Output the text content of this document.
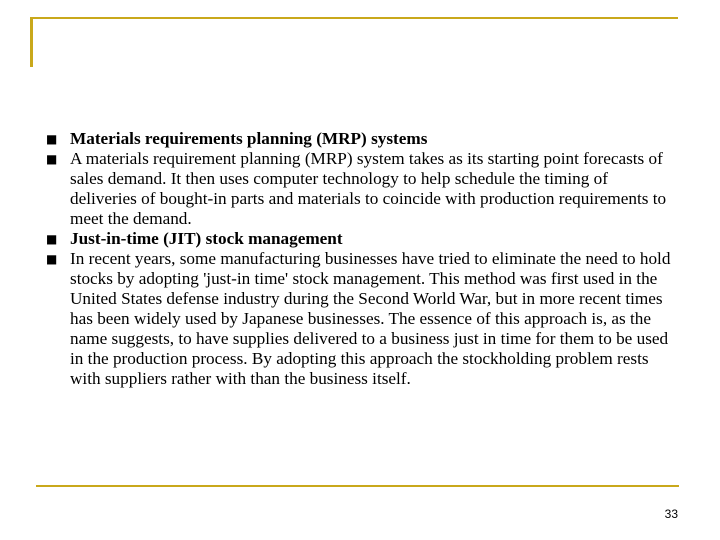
■ Materials requirements planning (MRP) systems
■ A materials requirement planning (MRP) system takes as its starting point forecasts of sales demand. It then uses computer technology to help schedule the timing of deliveries of bought-in parts and materials to coincide with production requirements to meet the demand.
■ Just-in-time (JIT) stock management
■ In recent years, some manufacturing businesses have tried to eliminate the need to hold stocks by adopting 'just-in time' stock management. This method was first used in the United States defense industry during the Second World War, but in more recent times has been widely used by Japanese businesses. The essence of this approach is, as the name suggests, to have supplies delivered to a business just in time for them to be used in the production process. By adopting this approach the stockholding problem rests with suppliers rather with than the business itself.
33
